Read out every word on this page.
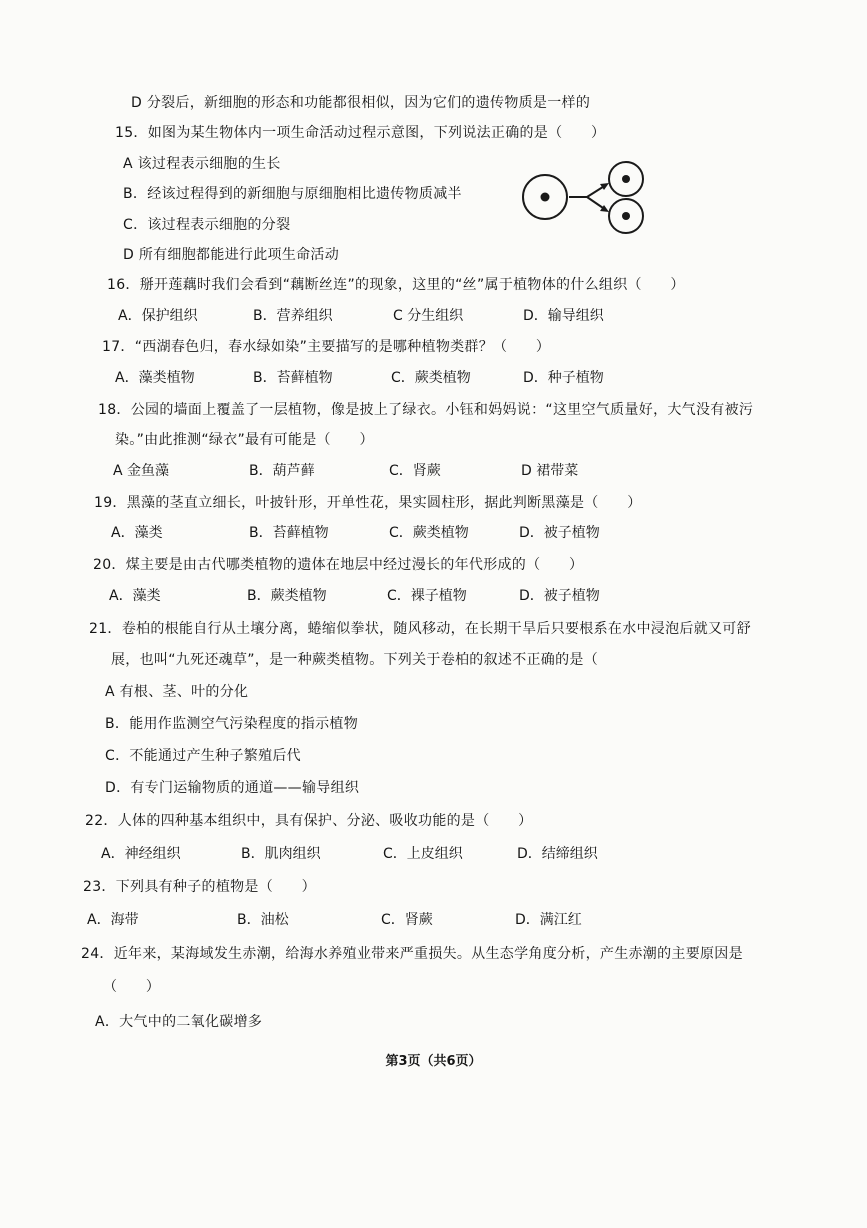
D 分裂后，新细胞的形态和功能都很相似，因为它们的遗传物质是一样的
15．如图为某生物体内一项生命活动过程示意图，下列说法正确的是（　　）
A 该过程表示细胞的生长
B．经该过程得到的新细胞与原细胞相比遗传物质减半
C．该过程表示细胞的分裂
D 所有细胞都能进行此项生命活动
16．掰开莲藕时我们会看到“藕断丝连”的现象，这里的“丝”属于植物体的什么组织（　　）
A．保护组织	B．营养组织	C 分生组织	D．输导组织
17．“西湖春色归，春水绿如染”主要描写的是哪种植物类群？（　　）
A．藻类植物	B．苔藓植物	C．蕨类植物	D．种子植物
18．公园的墙面上覆盖了一层植物，像是披上了绿衣。小钰和妈妈说：“这里空气质量好，大气没有被污
染。”由此推测“绿衣”最有可能是（　　）
A 金鱼藻	B．葫芦藓	C．肾蕨	D 裙带菜
19．黑藻的茎直立细长，叶披针形，开单性花，果实圆柱形，据此判断黑藻是（　　）
A．藻类	B．苔藓植物	C．蕨类植物	D．被子植物
20．煤主要是由古代哪类植物的遗体在地层中经过漫长的年代形成的（　　）
A．藻类	B．蕨类植物	C．裸子植物	D．被子植物
21．卷柏的根能自行从土壤分离，蜷缩似拳状，随风移动，在长期干旱后只要根系在水中浸泡后就又可舒
展，也叫“九死还魂草”，是一种蕨类植物。下列关于卷柏的叙述不正确的是（
A 有根、茎、叶的分化
B．能用作监测空气污染程度的指示植物
C．不能通过产生种子繁殖后代
D．有专门运输物质的通道——输导组织
22．人体的四种基本组织中，具有保护、分泌、吸收功能的是（　　）
A．神经组织	B．肌肉组织	C．上皮组织	D．结缔组织
23．下列具有种子的植物是（　　）
A．海带	B．油松	C．肾蕨	D．满江红
24．近年来，某海域发生赤潮，给海水养殖业带来严重损失。从生态学角度分析，产生赤潮的主要原因是
（　　）
A．大气中的二氧化碳增多
第3页（共6页）
